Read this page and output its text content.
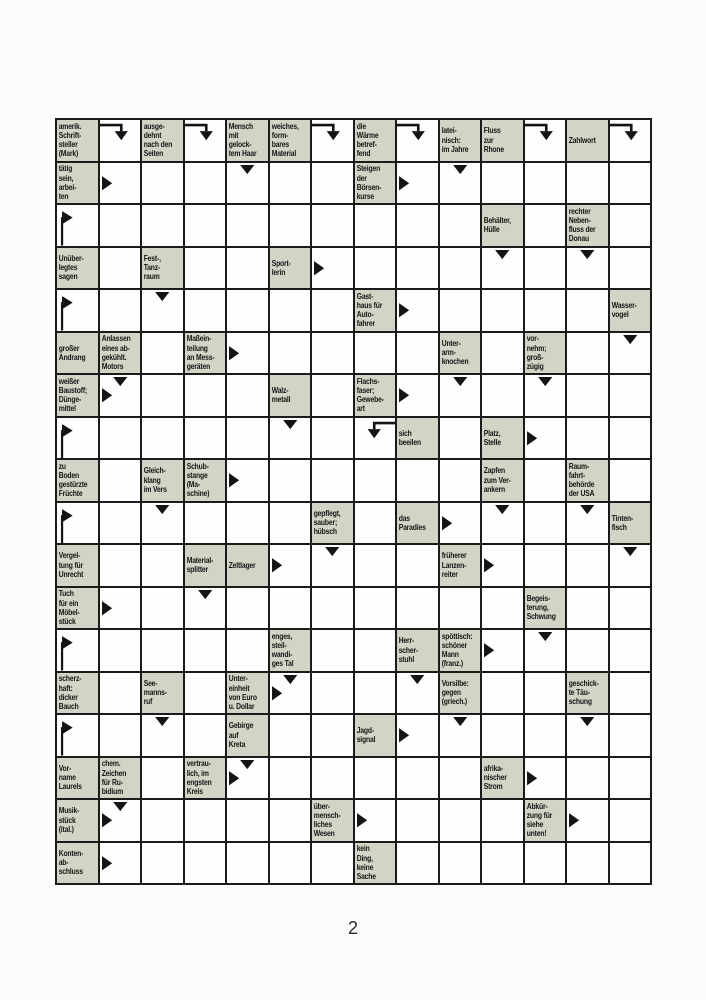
amerik.
Schrift-
steller
(Mark)
ausge-
dehnt
nach den
Seiten
Mensch
mit
gelock-
tem Haar
weiches,
form-
bares
Material
die
Wärme
betref-
fend
latei-
nisch:
im Jahre
Fluss
zur
Rhone
Zahlwort
tätig
sein,
arbei-
ten
Steigen
der
Börsen-
kurse
Behälter,
Hülle
rechter
Neben-
fluss der
Donau
Unüber-
legtes
sagen
Fest-,
Tanz-
raum
Sport-
lerin
Gast-
haus für
Auto-
fahrer
Wasser-
vogel
großer
Andrang
Anlassen
eines ab-
gekühlt.
Motors
Maßein-
teilung
an Mess-
geräten
Unter-
arm-
knochen
vor-
nehm;
groß-
zügig
weißer
Baustoff;
Dünge-
mittel
Walz-
metall
Flachs-
faser;
Gewebe-
art
sich
beeilen
Platz,
Stelle
zu
Boden
gestürzte
Früchte
Gleich-
klang
im Vers
Schub-
stange
(Ma-
schine)
Zapfen
zum Ver-
ankern
Raum-
fahrt-
behörde
der USA
gepflegt,
sauber;
hübsch
das
Paradies
Tinten-
fisch
Vergel-
tung für
Unrecht
Material-
splitter
Zeltlager
früherer
Lanzen-
reiter
Tuch
für ein
Möbel-
stück
Begeis-
terung,
Schwung
enges,
steil-
wandi-
ges Tal
Herr-
scher-
stuhl
spöttisch:
schöner
Mann
(franz.)
scherz-
haft:
dicker
Bauch
See-
manns-
ruf
Unter-
einheit
von Euro
u. Dollar
Vorsilbe:
gegen
(griech.)
geschick-
te Täu-
schung
Gebirge
auf
Kreta
Jagd-
signal
Vor-
name
Laurels
chem.
Zeichen
für Ru-
bidium
vertrau-
lich, im
engsten
Kreis
afrika-
nischer
Strom
Musik-
stück
(ital.)
über-
mensch-
liches
Wesen
Abkür-
zung für
siehe
unten!
Konten-
ab-
schluss
kein
Ding,
keine
Sache
2
